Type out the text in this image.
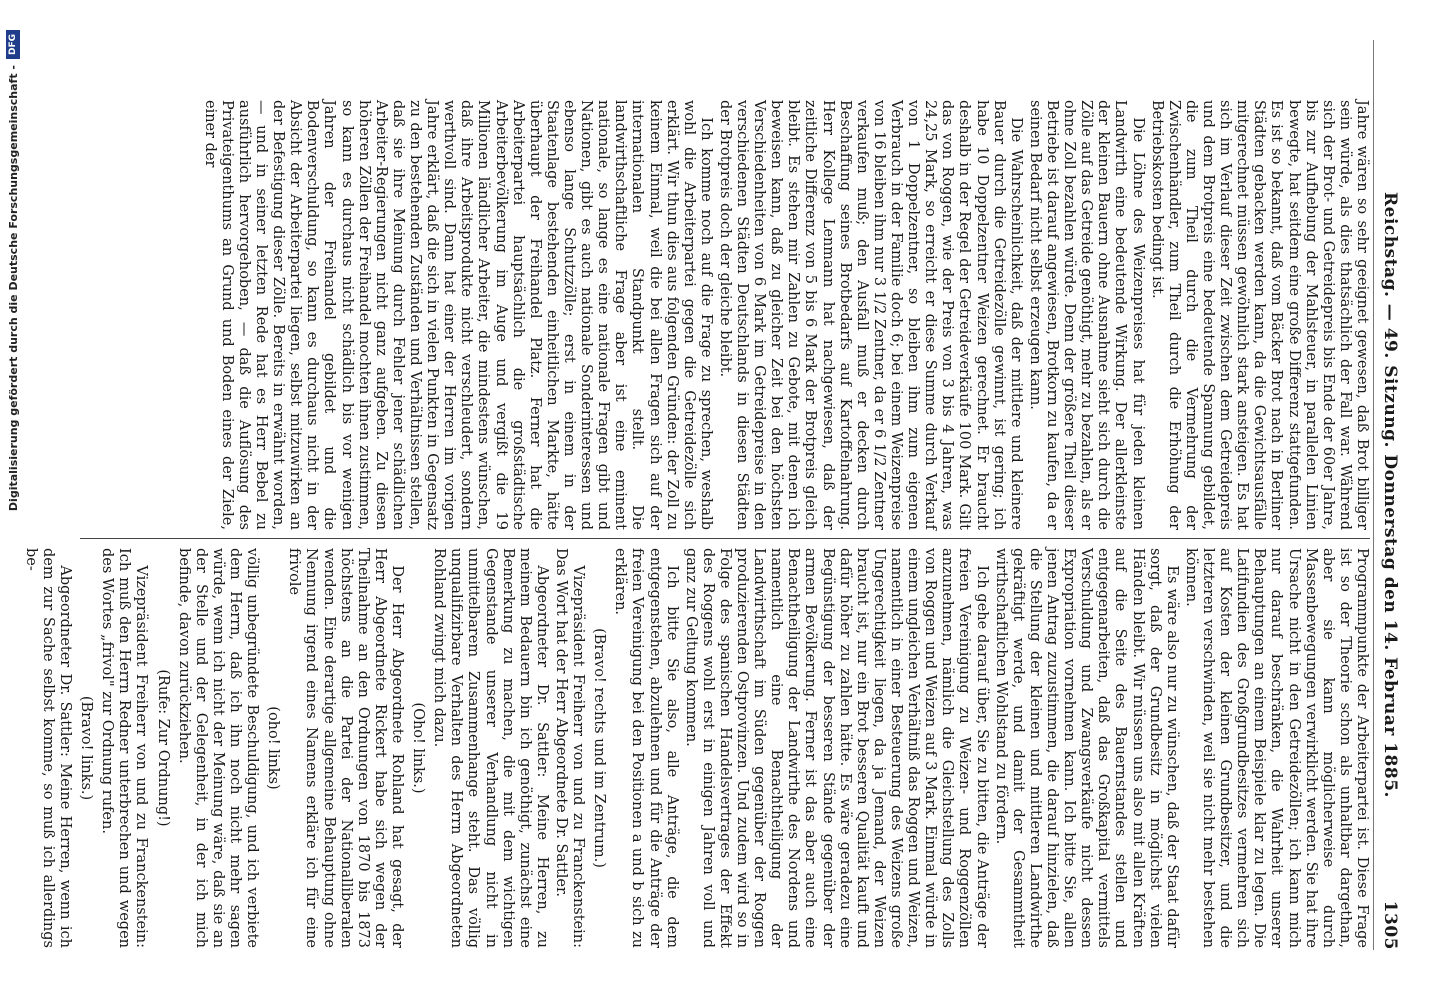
Reichstag. — 49. Sitzung. Donnerstag den 14. Februar 1885.
1305

Jahre wären so sehr geeignet gewesen, daß Brot billiger sein würde, als dies thatsächlich der Fall war. Während sich der Brot- und Getreidepreis bis Ende der 60er Jahre, bis zur Aufhebung der Mahlsteuer, in parallelen Linien bewegte, hat seitdem eine große Differenz stattgefunden. Es ist so bekannt, daß vom Bäcker Brot nach in Berliner Städten gebacken werden kann, da die Gewichtsausfälle mitgerechnet müssen gewöhnlich stark ansteigen. Es hat sich im Verlauf dieser Zeit zwischen dem Getreidepreis und dem Brotpreis eine bedeutende Spannung gebildet, die zum Theil durch die Vermehrung der Zwischenhändler, zum Theil durch die Erhöhung der Betriebskosten bedingt ist.

Die Löhne des Weizenpreises hat für jeden kleinen Landwirth eine bedeutende Wirkung. Der allerkleinste der kleinen Bauern ohne Ausnahme sieht sich durch die Zölle auf das Getreide genöthigt, mehr zu bezahlen, als er ohne Zoll bezahlen würde. Denn der größere Theil dieser Betriebe ist darauf angewiesen, Brotkorn zu kaufen, da er seinen Bedarf nicht selbst erzeugen kann.

Die Wahrscheinlichkeit, daß der mittlere und kleinere Bauer durch die Getreidezölle gewinnt, ist gering; ich habe 10 Doppelzentner Weizen gerechnet. Er braucht deshalb in der Regel der Getreideverkäufe 100 Mark. Gilt das von Roggen, wie der Preis von 3 bis 4 Jahren, was 24,25 Mark, so erreicht er diese Summe durch Verkauf von 1 Doppelzentner, so bleiben ihm zum eigenen Verbrauch in der Familie doch 6; bei einem Weizenpreise von 16 bleiben ihm nur 3 1/2 Zentner, da er 6 1/2 Zentner verkaufen muß; den Ausfall muß er decken durch Beschaffung seines Brotbedarfs auf Kartoffelnahrung. Herr Kollege Lenmann hat nachgewiesen, daß der zeitliche Differenz von 5 bis 6 Mark der Brotpreis gleich bleibt. Es stehen mir Zahlen zu Gebote, mit denen ich beweisen kann, daß zu gleicher Zeit bei den höchsten Verschiedenheiten von 6 Mark im Getreidepreise in den verschiedenen Städten Deutschlands in diesen Städten der Brotpreis doch der gleiche bleibt.

Ich komme noch auf die Frage zu sprechen, weshalb wohl die Arbeiterpartei gegen die Getreidezölle sich erklärt. Wir thun dies aus folgenden Gründen: der Zoll zu keinem Einmal, weil die bei allen Fragen sich auf der internationalen Standpunkt stellt. Die landwirthschaftliche Frage aber ist eine eminent nationale, so lange es eine nationale Fragen gibt und Nationen, gibt es auch nationale Sonderinteressen und ebenso lange Schutzzölle; erst in einem in der Staatenlage bestehenden einheitlichen Markte, hätte überhaupt der Freihandel Platz. Ferner hat die Arbeiterpartei hauptsächlich die großstädtische Arbeiterbevölkerung im Auge und vergißt die 19 Millionen ländlicher Arbeiter, die mindestens wünschen, daß ihre Arbeitsprodukte nicht verschleudert, sondern werthvoll sind. Dann hat einer der Herren im vorigen Jahre erklärt, daß die sich in vielen Punkten in Gegensatz zu den bestehenden Zuständen und Verhältnissen stellen, daß sie ihre Meinung durch Fehler jener schädlichen Arbeiter-Regierungen nicht ganz aufgeben. Zu diesen höheren Zöllen der Freihandel mochten ihnen zustimmen, so kann es durchaus nicht schädlich bis vor wenigen Jahren der Freihandel gebildet und die Bodenverschuldung, so kann es durchaus nicht in der Absicht der Arbeiterpartei liegen, selbst mitzuwirken an der Befestigung dieser Zölle. Bereits in erwähnt worden, — und in seiner letzten Rede hat es Herr Bebel zu ausführlich hervorgehoben, — daß die Auflösung des Privateigenthums an Grund und Boden eines der Ziele, einer der

Programmpunkte der Arbeiterpartei ist. Diese Frage ist so der Theorie schon als unhaltbar dargethan, aber sie kann möglicherweise durch Massenbewegungen verwirklicht werden. Sie hat ihre Ursache nicht in den Getreidezöllen; ich kann mich nur darauf beschränken, die Wahrheit unserer Behauptungen an einem Beispiele klar zu legen. Die Latifundien des Großgrundbesitzes vermehren sich auf Kosten der kleinen Grundbesitzer, und die letzteren verschwinden, weil sie nicht mehr bestehen können.

Es wäre also nur zu wünschen, daß der Staat dafür sorgt, daß der Grundbesitz in möglichst vielen Händen bleibt. Wir müssen uns also mit allen Kräften auf die Seite des Bauernstandes stellen und entgegenarbeiten, daß das Großkapital vermittels Verschuldung und Zwangsverkäufe nicht dessen Expropriation vornehmen kann. Ich bitte Sie, allen jenen Antrag zuzustimmen, die darauf hinzielen, daß die Stellung der kleinen und mittleren Landwirthe gekräftigt werde, und damit der Gesammtheit wirthschaftlichen Wohlstand zu fördern.

Ich gehe darauf über, Sie zu bitten, die Anträge der freien Vereinigung zu Weizen- und Roggenzöllen anzunehmen, nämlich die Gleichstellung des Zolls von Roggen und Weizen auf 3 Mark. Einmal würde in einem ungleichen Verhältniß das Roggen und Weizen, namentlich in einer Besteuerung des Weizens große Ungerechtigkeit liegen, da ja Jemand, der Weizen braucht ist, nur ein Brot besseren Qualität kauft und dafür höher zu zahlen hätte. Es wäre geradezu eine Begünstigung der besseren Stände gegenüber der armen Bevölkerung. Ferner ist das aber auch eine Benachtheiligung der Landwirthe des Nordens und namentlich eine Benachtheiligung der Landwirthschaft im Süden gegenüber der Roggen produzierenden Ostprovinzen. Und zudem wird so in Folge des spanischen Handelsvertrages der Effekt des Roggens wohl erst in einigen Jahren voll und ganz zur Geltung kommen.

Ich bitte Sie also, alle Anträge, die dem entgegenstehen, abzulehnen und für die Anträge der freien Vereinigung bei den Positionen a und b sich zu erklären.

(Bravo! rechts und im Zentrum.)

Vizepräsident Freiherr von und zu Franckenstein: Das Wort hat der Herr Abgeordnete Dr. Sattler.

Abgeordneter Dr. Sattler: Meine Herren, zu meinem Bedauern bin ich genöthigt, zunächst eine Bemerkung zu machen, die mit dem wichtigen Gegenstande unserer Verhandlung nicht in unmittelbarem Zusammenhange steht. Das völlig unqualifizirbare Verhalten des Herrn Abgeordneten Rohland zwingt mich dazu.

(Oho! links.)

Der Herr Abgeordnete Rohland hat gesagt, der Herr Abgeordnete Rickert habe sich wegen der Theilnahme an den Ordnungen von 1870 bis 1873 höchstens an die Partei der Nationalliberalen wenden. Eine derartige allgemeine Behauptung ohne Nennung irgend eines Namens erkläre ich für eine frivole

(oho! links)

völlig unbegründete Beschuldigung, und ich verbiete dem Herrn, daß ich ihn noch nicht mehr sagen würde, wenn ich nicht der Meinung wäre, daß sie an der Stelle und der Gelegenheit, in der ich mich befinde, davon zurückziehen.

(Rufe: Zur Ordnung!)

Vizepräsident Freiherr von und zu Franckenstein: Ich muß den Herrn Redner unterbrechen und wegen des Wortes „frivol" zur Ordnung rufen.

(Bravo! links.)

Abgeordneter Dr. Sattler: Meine Herren, wenn ich dem zur Sache selbst komme, so muß ich allerdings be-

Digitalisierung gefördert durch die Deutsche Forschungsgemeinschaft -
DFG
